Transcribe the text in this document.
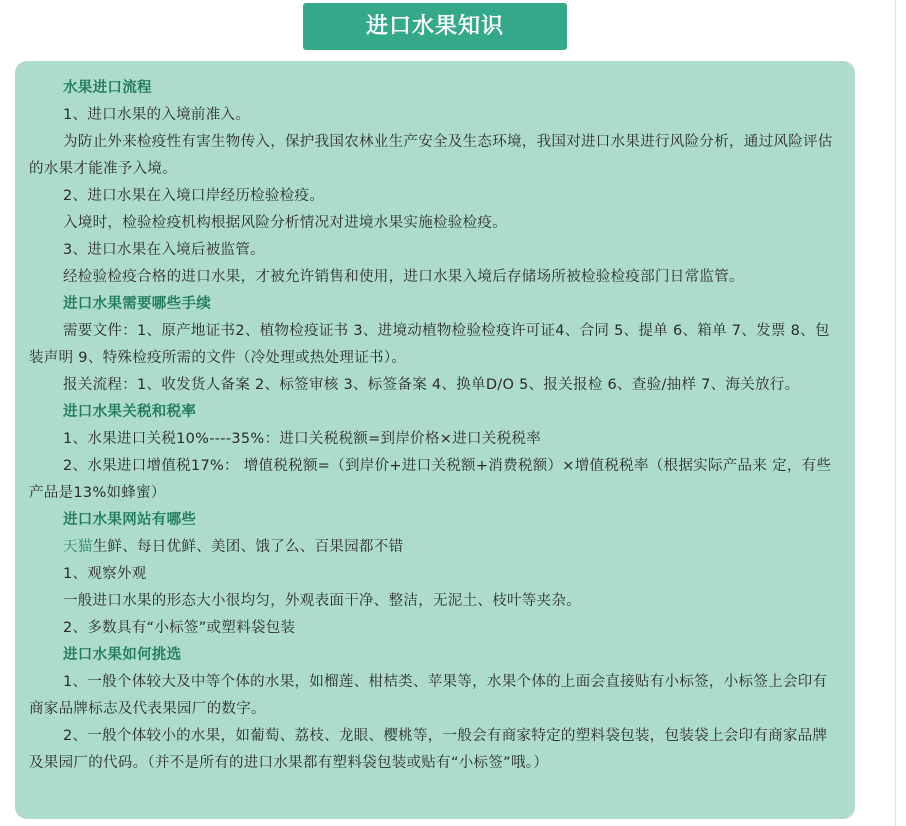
进口水果知识

水果进口流程

1、进口水果的入境前准入。

为防止外来检疫性有害生物传入，保护我国农林业生产安全及生态环境，我国对进口水果进行风险分析，通过风险评估的水果才能准予入境。

2、进口水果在入境口岸经历检验检疫。

入境时，检验检疫机构根据风险分析情况对进境水果实施检验检疫。

3、进口水果在入境后被监管。

经检验检疫合格的进口水果，才被允许销售和使用，进口水果入境后存储场所被检验检疫部门日常监管。

进口水果需要哪些手续

需要文件：1、原产地证书2、植物检疫证书 3、进境动植物检验检疫许可证4、合同 5、提单 6、箱单 7、发票 8、包装声明 9、特殊检疫所需的文件（冷处理或热处理证书）。

报关流程：1、收发货人备案 2、标签审核 3、标签备案 4、换单D/O 5、报关报检 6、查验/抽样 7、海关放行。

进口水果关税和税率

1、水果进口关税10%----35%：进口关税税额=到岸价格×进口关税税率

2、水果进口增值税17%： 增值税税额=（到岸价+进口关税额+消费税额）×增值税税率（根据实际产品来 定，有些产品是13%如蜂蜜）

进口水果网站有哪些

天猫生鲜、每日优鲜、美团、饿了么、百果园都不错

1、观察外观

一般进口水果的形态大小很均匀，外观表面干净、整洁，无泥土、枝叶等夹杂。

2、多数具有“小标签”或塑料袋包装

进口水果如何挑选

1、一般个体较大及中等个体的水果，如榴莲、柑桔类、苹果等，水果个体的上面会直接贴有小标签，小标签上会印有商家品牌标志及代表果园厂的数字。

2、一般个体较小的水果，如葡萄、荔枝、龙眼、樱桃等，一般会有商家特定的塑料袋包装，包装袋上会印有商家品牌及果园厂的代码。（并不是所有的进口水果都有塑料袋包装或贴有“小标签”哦。）
